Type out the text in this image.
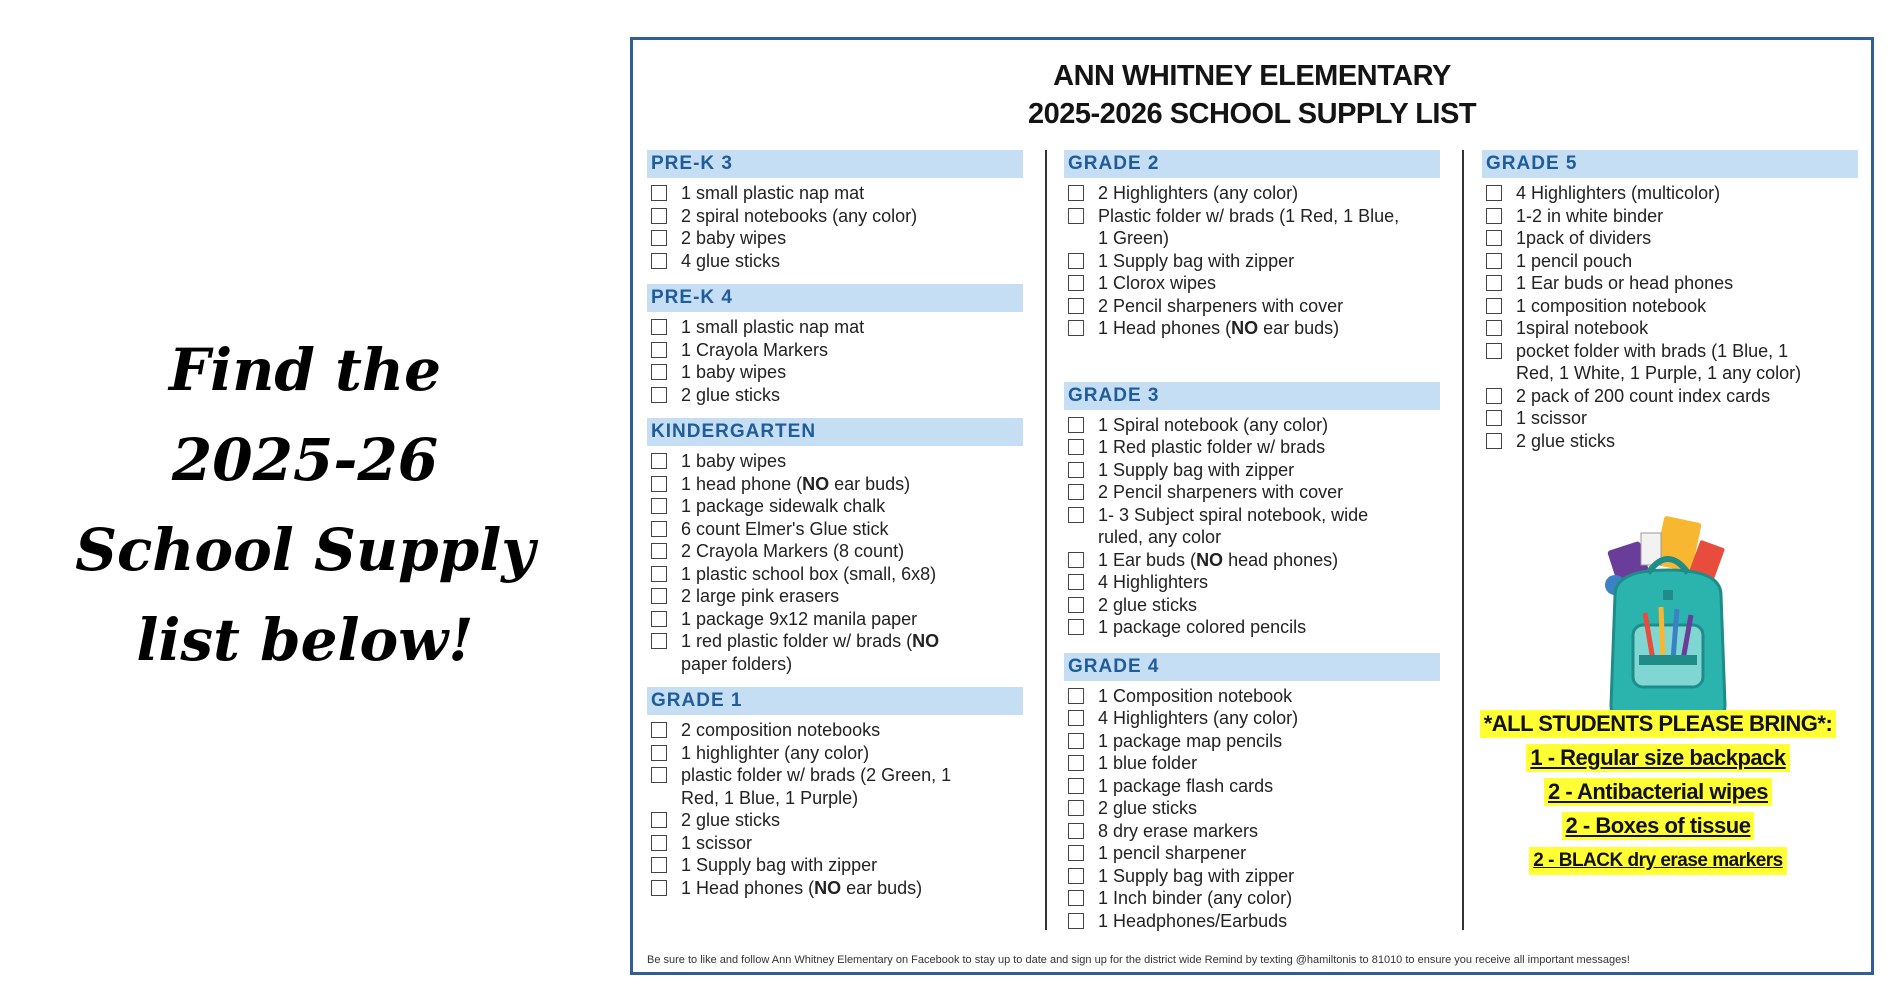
Find the
2025-26
School Supply
list below!
ANN WHITNEY ELEMENTARY
2025-2026 SCHOOL SUPPLY LIST
PRE-K 3
1 small plastic nap mat
2 spiral notebooks (any color)
2 baby wipes
4 glue sticks
PRE-K 4
1 small plastic nap mat
1 Crayola Markers
1 baby wipes
2 glue sticks
KINDERGARTEN
1 baby wipes
1 head phone (NO ear buds)
1 package sidewalk chalk
6 count Elmer's Glue stick
2 Crayola Markers (8 count)
1 plastic school box (small, 6x8)
2 large pink erasers
1 package 9x12 manila paper
1 red plastic folder w/ brads (NO
paper folders)
GRADE 1
2 composition notebooks
1 highlighter (any color)
plastic folder w/ brads (2 Green, 1
Red, 1 Blue, 1 Purple)
2 glue sticks
1 scissor
1 Supply bag with zipper
1 Head phones (NO ear buds)
GRADE 2
2 Highlighters (any color)
Plastic folder w/ brads (1 Red, 1 Blue,
1 Green)
1 Supply bag with zipper
1 Clorox wipes
2 Pencil sharpeners with cover
1 Head phones (NO ear buds)
GRADE 3
1 Spiral notebook (any color)
1 Red plastic folder w/ brads
1 Supply bag with zipper
2 Pencil sharpeners with cover
1- 3 Subject spiral notebook, wide
ruled, any color
1 Ear buds (NO head phones)
4 Highlighters
2 glue sticks
1 package colored pencils
GRADE 4
1 Composition notebook
4 Highlighters (any color)
1 package map pencils
1 blue folder
1 package flash cards
2 glue sticks
8 dry erase markers
1 pencil sharpener
1 Supply bag with zipper
1 Inch binder (any color)
1 Headphones/Earbuds
GRADE 5
4 Highlighters (multicolor)
1-2 in white binder
1pack of dividers
1 pencil pouch
1 Ear buds or head phones
1 composition notebook
1spiral notebook
pocket folder with brads (1 Blue, 1
Red, 1 White, 1 Purple, 1 any color)
2 pack of 200 count index cards
1 scissor
2 glue sticks
*ALL STUDENTS PLEASE BRING*:
1 - Regular size backpack
2 - Antibacterial wipes
2 - Boxes of tissue
2 - BLACK dry erase markers
Be sure to like and follow Ann Whitney Elementary on Facebook to stay up to date and sign up for the district wide Remind by texting @hamiltonis to 81010 to ensure you receive all important messages!
